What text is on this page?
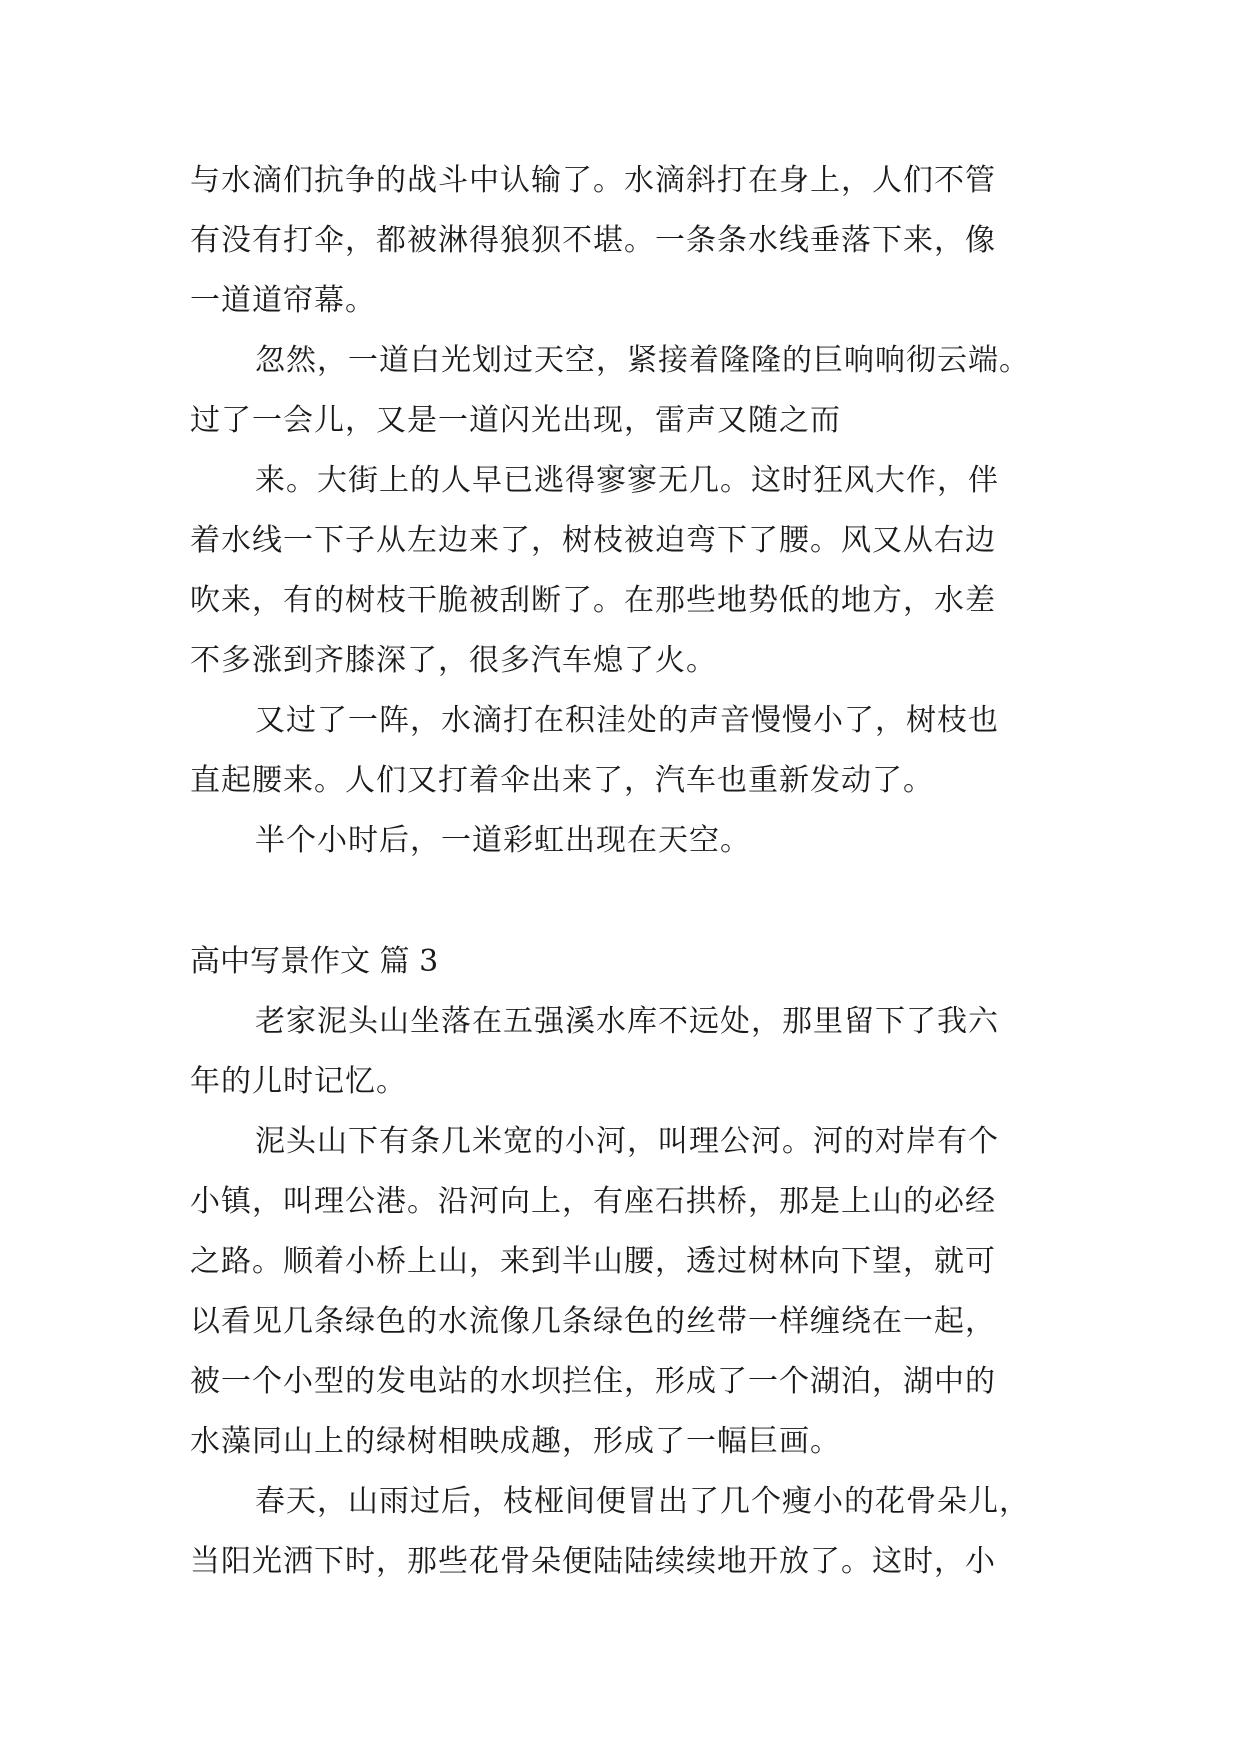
与水滴们抗争的战斗中认输了。水滴斜打在身上，人们不管
有没有打伞，都被淋得狼狈不堪。一条条水线垂落下来，像
一道道帘幕。
忽然，一道白光划过天空，紧接着隆隆的巨响响彻云端。
过了一会儿，又是一道闪光出现，雷声又随之而
来。大街上的人早已逃得寥寥无几。这时狂风大作，伴
着水线一下子从左边来了，树枝被迫弯下了腰。风又从右边
吹来，有的树枝干脆被刮断了。在那些地势低的地方，水差
不多涨到齐膝深了，很多汽车熄了火。
又过了一阵，水滴打在积洼处的声音慢慢小了，树枝也
直起腰来。人们又打着伞出来了，汽车也重新发动了。
半个小时后，一道彩虹出现在天空。
高中写景作文 篇 3
老家泥头山坐落在五强溪水库不远处，那里留下了我六
年的儿时记忆。
泥头山下有条几米宽的小河，叫理公河。河的对岸有个
小镇，叫理公港。沿河向上，有座石拱桥，那是上山的必经
之路。顺着小桥上山，来到半山腰，透过树林向下望，就可
以看见几条绿色的水流像几条绿色的丝带一样缠绕在一起，
被一个小型的发电站的水坝拦住，形成了一个湖泊，湖中的
水藻同山上的绿树相映成趣，形成了一幅巨画。
春天，山雨过后，枝桠间便冒出了几个瘦小的花骨朵儿，
当阳光洒下时，那些花骨朵便陆陆续续地开放了。这时，小
